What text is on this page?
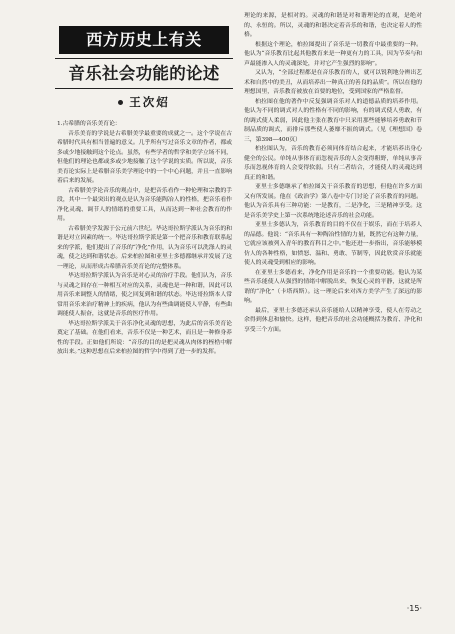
西方历史上有关
音乐社会功能的论述
王次炤

1.古希腊的音乐美育论：

音乐美育的学说是古希腊美学最重要的成就之一。这个学说在古希腊时代具有相当普遍的意义。几乎所有写过音乐文章的作者，都或多或少地接触到这个论点。虽然，有些学者的哲学和美学立场不同，但他们的理论也都或多或少地接触了这个学说的实质。所以说，音乐美育论实际上是希腊音乐美学理论中的一个中心问题，并且一直影响着后来的发展。

古希腊美学论音乐的观点中，是把音乐看作一种伦理和宗教的手段，其中一个最突出的观点是认为音乐能陶冶人的性格，把音乐看作净化灵魂、调节人的情绪的重要工具，从而达到一种社会教育的作用。

古希腊美学发源于公元前六世纪。毕达哥拉斯学派认为音乐的和谐是对立因素的统一。毕达哥拉斯学派是第一个把音乐和教育联系起来的学派，他们提出了音乐的“净化”作用，认为音乐可以洗涤人的灵魂，使之达到和谐状态。后来柏拉图和亚里士多德都继承并发展了这一理论，从而形成古希腊音乐美育论的完整体系。

毕达哥拉斯学派认为音乐是对心灵的治疗手段。他们认为，音乐与灵魂之间存在一种相互对应的关系，灵魂也是一种和谐，因此可以用音乐来调整人的情绪，使之回复到和谐的状态。毕达哥拉斯本人常常用音乐来治疗精神上的疾病，他认为有些曲调能使人平静，有些曲调能使人振奋，这就是音乐的医疗作用。

毕达哥拉斯学派关于音乐净化灵魂的思想，为此后的音乐美育论奠定了基础。在他们看来，音乐不仅是一种艺术，而且是一种修身养性的手段。正如他们所说：“音乐的目的是把灵魂从肉体的桎梏中解放出来。”这种思想在后来柏拉图的哲学中得到了进一步的发挥。

理论的来源，是相对的。灵魂的和谐是对和谐理论的直观，是绝对的、永恒的。所以，灵魂的和谐决定着音乐的和谐，也决定着人的性格。

根据这个理论，柏拉图提出了音乐是一切教育中最重要的一种。他认为“音乐教育比起其他教育来是一种更有力的工具，因为节奏与和声最能渗入人的灵魂深处，并对它产生强烈的影响”。

又认为，“全部过程都是在音乐教育的人，就可以锐利地分辨出艺术和自然中的美丑，从而培养出一种真正的善良的品质”。所以在他的理想国里，音乐教育被放在首要的地位，受到国家的严格监督。

柏拉图在他的著作中反复强调音乐对人的道德品质的培养作用。他认为不同的调式对人的性格有不同的影响，有的调式使人勇敢，有的调式使人柔弱，因此他主张在教育中只采用那些能够培养勇敢和节制品质的调式，而排斥那些使人萎靡不振的调式。（见《理想国》卷三，第398—400页）

柏拉图认为，音乐的教育必须同体育结合起来，才能培养出身心健全的公民。单纯从事体育而忽视音乐的人会变得粗野，单纯从事音乐而忽视体育的人会变得软弱。只有二者结合，才能使人的灵魂达到真正的和谐。

亚里士多德继承了柏拉图关于音乐教育的思想，但他在许多方面又有所发展。他在《政治学》第八卷中专门讨论了音乐教育的问题。他认为音乐具有三种功能：一是教育，二是净化，三是精神享受。这是音乐美学史上第一次系统地论述音乐的社会功能。

亚里士多德认为，音乐教育的目的不仅在于娱乐，而在于培养人的品德。他说：“音乐具有一种陶冶性情的力量，既然它有这种力量，它就应该被列入青年的教育科目之中。”他还进一步指出，音乐能够模仿人的各种性格，如愤怒、温和、勇敢、节制等，因此欣赏音乐就能使人的灵魂受到相应的影响。

在亚里士多德看来，净化作用是音乐的一个重要功能。他认为某些音乐能使人从强烈的情绪中解脱出来，恢复心灵的平静，这就是所谓的“净化”（卡塔西斯）。这一理论后来对西方美学产生了深远的影响。

最后，亚里士多德还承认音乐能给人以精神享受，使人在劳动之余得到休息和愉快。这样，他把音乐的社会功能概括为教育、净化和享受三个方面。

·15·
